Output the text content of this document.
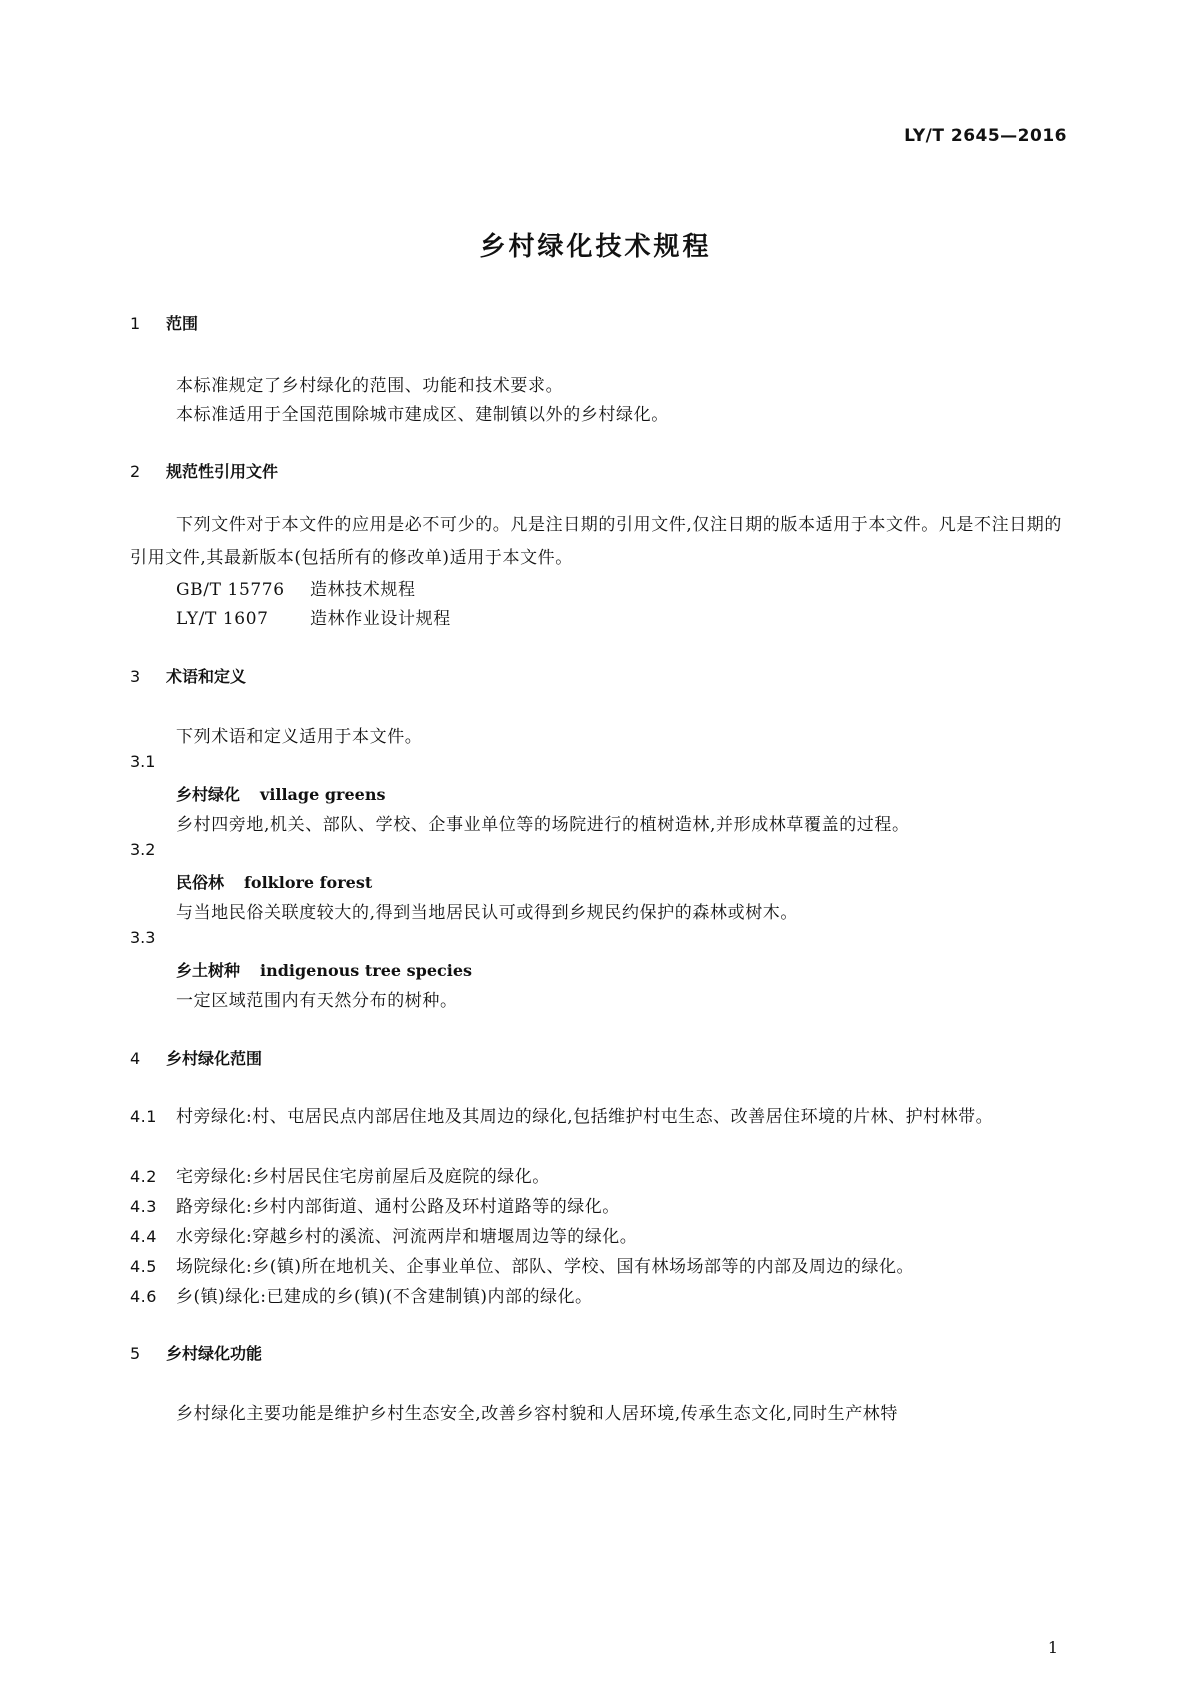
LY/T 2645—2016
乡村绿化技术规程
1 范围
本标准规定了乡村绿化的范围、功能和技术要求。
本标准适用于全国范围除城市建成区、建制镇以外的乡村绿化。
2 规范性引用文件
下列文件对于本文件的应用是必不可少的。凡是注日期的引用文件,仅注日期的版本适用于本文件。凡是不注日期的引用文件,其最新版本(包括所有的修改单)适用于本文件。
GB/T 15776 造林技术规程
LY/T 1607 造林作业设计规程
3 术语和定义
下列术语和定义适用于本文件。
3.1
乡村绿化 village greens
乡村四旁地,机关、部队、学校、企事业单位等的场院进行的植树造林,并形成林草覆盖的过程。
3.2
民俗林 folklore forest
与当地民俗关联度较大的,得到当地居民认可或得到乡规民约保护的森林或树木。
3.3
乡土树种 indigenous tree species
一定区域范围内有天然分布的树种。
4 乡村绿化范围
4.1 村旁绿化:村、屯居民点内部居住地及其周边的绿化,包括维护村屯生态、改善居住环境的片林、护村林带。
4.2 宅旁绿化:乡村居民住宅房前屋后及庭院的绿化。
4.3 路旁绿化:乡村内部街道、通村公路及环村道路等的绿化。
4.4 水旁绿化:穿越乡村的溪流、河流两岸和塘堰周边等的绿化。
4.5 场院绿化:乡(镇)所在地机关、企事业单位、部队、学校、国有林场场部等的内部及周边的绿化。
4.6 乡(镇)绿化:已建成的乡(镇)(不含建制镇)内部的绿化。
5 乡村绿化功能
乡村绿化主要功能是维护乡村生态安全,改善乡容村貌和人居环境,传承生态文化,同时生产林特
1
